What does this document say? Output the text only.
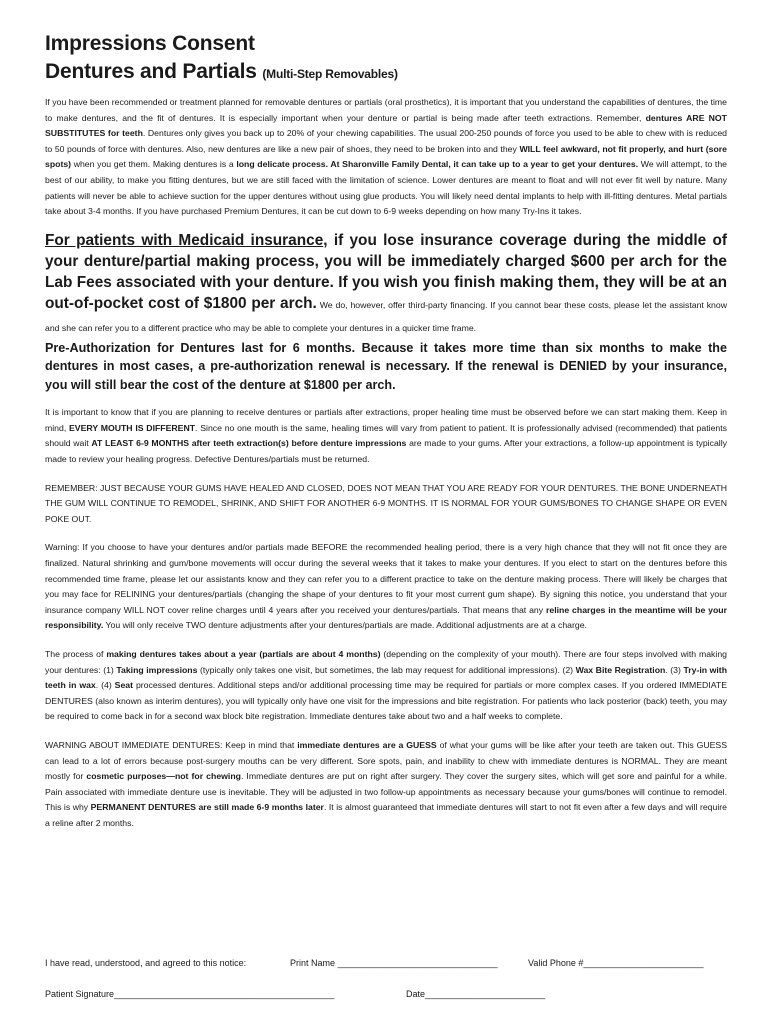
Impressions Consent
Dentures and Partials (Multi-Step Removables)

If you have been recommended or treatment planned for removable dentures or partials (oral prosthetics), it is important that you understand the capabilities of dentures, the time to make dentures, and the fit of dentures. It is especially important when your denture or partial is being made after teeth extractions. Remember, dentures ARE NOT SUBSTITUTES for teeth. Dentures only gives you back up to 20% of your chewing capabilities. The usual 200-250 pounds of force you used to be able to chew with is reduced to 50 pounds of force with dentures. Also, new dentures are like a new pair of shoes, they need to be broken into and they WILL feel awkward, not fit properly, and hurt (sore spots) when you get them. Making dentures is a long delicate process. At Sharonville Family Dental, it can take up to a year to get your dentures. We will attempt, to the best of our ability, to make you fitting dentures, but we are still faced with the limitation of science. Lower dentures are meant to float and will not ever fit well by nature. Many patients will never be able to achieve suction for the upper dentures without using glue products. You will likely need dental implants to help with ill-fitting dentures. Metal partials take about 3-4 months. If you have purchased Premium Dentures, it can be cut down to 6-9 weeks depending on how many Try-Ins it takes.

For patients with Medicaid insurance, if you lose insurance coverage during the middle of your denture/partial making process, you will be immediately charged $600 per arch for the Lab Fees associated with your denture. If you wish you finish making them, they will be at an out-of-pocket cost of $1800 per arch. We do, however, offer third-party financing. If you cannot bear these costs, please let the assistant know and she can refer you to a different practice who may be able to complete your dentures in a quicker time frame.

Pre-Authorization for Dentures last for 6 months. Because it takes more time than six months to make the dentures in most cases, a pre-authorization renewal is necessary. If the renewal is DENIED by your insurance, you will still bear the cost of the denture at $1800 per arch.

It is important to know that if you are planning to receive dentures or partials after extractions, proper healing time must be observed before we can start making them. Keep in mind, EVERY MOUTH IS DIFFERENT. Since no one mouth is the same, healing times will vary from patient to patient. It is professionally advised (recommended) that patients should wait AT LEAST 6-9 MONTHS after teeth extraction(s) before denture impressions are made to your gums. After your extractions, a follow-up appointment is typically made to review your healing progress. Defective Dentures/partials must be returned.

REMEMBER: JUST BECAUSE YOUR GUMS HAVE HEALED AND CLOSED, DOES NOT MEAN THAT YOU ARE READY FOR YOUR DENTURES. THE BONE UNDERNEATH THE GUM WILL CONTINUE TO REMODEL, SHRINK, AND SHIFT FOR ANOTHER 6-9 MONTHS. IT IS NORMAL FOR YOUR GUMS/BONES TO CHANGE SHAPE OR EVEN POKE OUT.

Warning: If you choose to have your dentures and/or partials made BEFORE the recommended healing period, there is a very high chance that they will not fit once they are finalized. Natural shrinking and gum/bone movements will occur during the several weeks that it takes to make your dentures. If you elect to start on the dentures before this recommended time frame, please let our assistants know and they can refer you to a different practice to take on the denture making process. There will likely be charges that you may face for RELINING your dentures/partials (changing the shape of your dentures to fit your most current gum shape). By signing this notice, you understand that your insurance company WILL NOT cover reline charges until 4 years after you received your dentures/partials. That means that any reline charges in the meantime will be your responsibility. You will only receive TWO denture adjustments after your dentures/partials are made. Additional adjustments are at a charge.

The process of making dentures takes about a year (partials are about 4 months) (depending on the complexity of your mouth). There are four steps involved with making your dentures: (1) Taking impressions (typically only takes one visit, but sometimes, the lab may request for additional impressions). (2) Wax Bite Registration. (3) Try-in with teeth in wax. (4) Seat processed dentures. Additional steps and/or additional processing time may be required for partials or more complex cases. If you ordered IMMEDIATE DENTURES (also known as interim dentures), you will typically only have one visit for the impressions and bite registration. For patients who lack posterior (back) teeth, you may be required to come back in for a second wax block bite registration. Immediate dentures take about two and a half weeks to complete.

WARNING ABOUT IMMEDIATE DENTURES: Keep in mind that immediate dentures are a GUESS of what your gums will be like after your teeth are taken out. This GUESS can lead to a lot of errors because post-surgery mouths can be very different. Sore spots, pain, and inability to chew with immediate dentures is NORMAL. They are meant mostly for cosmetic purposes—not for chewing. Immediate dentures are put on right after surgery. They cover the surgery sites, which will get sore and painful for a while. Pain associated with immediate denture use is inevitable. They will be adjusted in two follow-up appointments as necessary because your gums/bones will continue to remodel. This is why PERMANENT DENTURES are still made 6-9 months later. It is almost guaranteed that immediate dentures will start to not fit even after a few days and will require a reline after 2 months.

I have read, understood, and agreed to this notice:	Print Name ________________________________	Valid Phone #________________________
Patient Signature____________________________________________	Date________________________
